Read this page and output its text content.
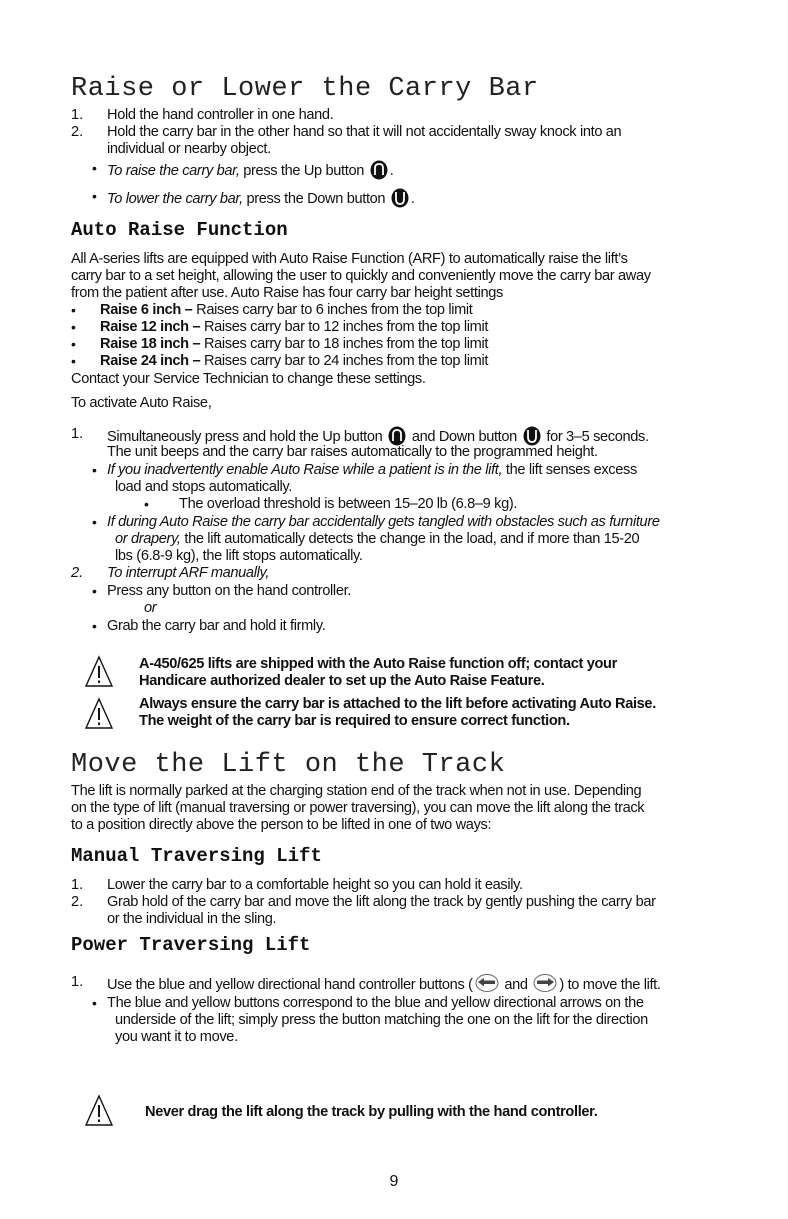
Raise or Lower the Carry Bar
1. Hold the hand controller in one hand.
2. Hold the carry bar in the other hand so that it will not accidentally sway knock into an
individual or nearby object.
• To raise the carry bar, press the Up button .
• To lower the carry bar, press the Down button .
Auto Raise Function
All A-series lifts are equipped with Auto Raise Function (ARF) to automatically raise the lift’s
carry bar to a set height, allowing the user to quickly and conveniently move the carry bar away
from the patient after use. Auto Raise has four carry bar height settings
• Raise 6 inch – Raises carry bar to 6 inches from the top limit
• Raise 12 inch – Raises carry bar to 12 inches from the top limit
• Raise 18 inch – Raises carry bar to 18 inches from the top limit
• Raise 24 inch – Raises carry bar to 24 inches from the top limit
Contact your Service Technician to change these settings.
To activate Auto Raise,
1. Simultaneously press and hold the Up button and Down button for 3–5 seconds.
The unit beeps and the carry bar raises automatically to the programmed height.
• If you inadvertently enable Auto Raise while a patient is in the lift, the lift senses excess
load and stops automatically.
• The overload threshold is between 15–20 lb (6.8–9 kg).
• If during Auto Raise the carry bar accidentally gets tangled with obstacles such as furniture
or drapery, the lift automatically detects the change in the load, and if more than 15-20
lbs (6.8-9 kg), the lift stops automatically.
2. To interrupt ARF manually,
• Press any button on the hand controller.
or
• Grab the carry bar and hold it firmly.
A-450/625 lifts are shipped with the Auto Raise function off; contact your
Handicare authorized dealer to set up the Auto Raise Feature.
Always ensure the carry bar is attached to the lift before activating Auto Raise.
The weight of the carry bar is required to ensure correct function.
Move the Lift on the Track
The lift is normally parked at the charging station end of the track when not in use. Depending
on the type of lift (manual traversing or power traversing), you can move the lift along the track
to a position directly above the person to be lifted in one of two ways:
Manual Traversing Lift
1. Lower the carry bar to a comfortable height so you can hold it easily.
2. Grab hold of the carry bar and move the lift along the track by gently pushing the carry bar
or the individual in the sling.
Power Traversing Lift
1. Use the blue and yellow directional hand controller buttons ( and ) to move the lift.
• The blue and yellow buttons correspond to the blue and yellow directional arrows on the
underside of the lift; simply press the button matching the one on the lift for the direction
you want it to move.
Never drag the lift along the track by pulling with the hand controller.
9
